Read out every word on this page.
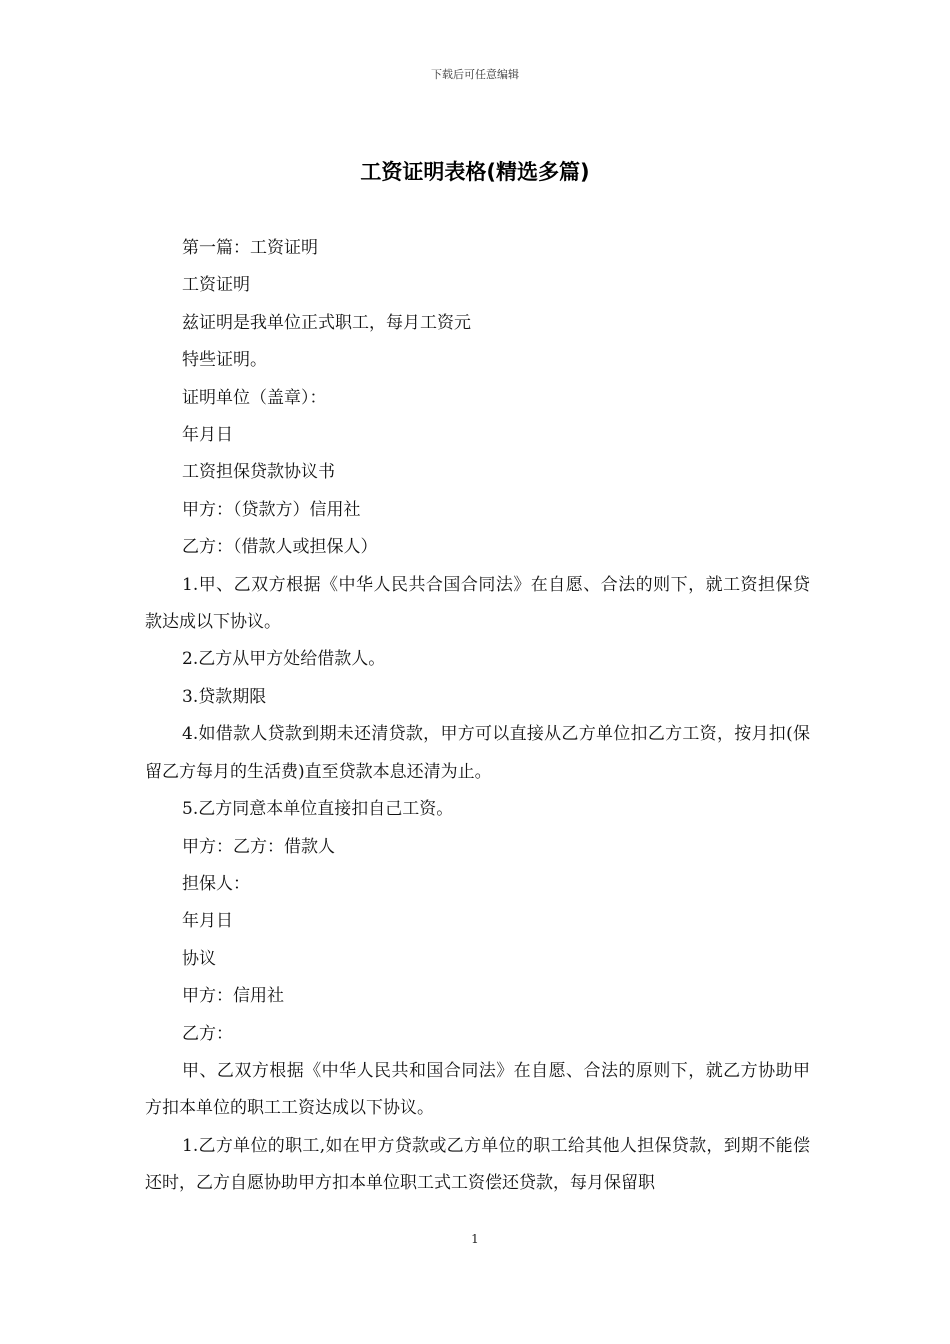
下载后可任意编辑
工资证明表格(精选多篇)

第一篇：工资证明

工资证明

兹证明是我单位正式职工，每月工资元

特些证明。

证明单位（盖章）：

年月日

工资担保贷款协议书

甲方：（贷款方）信用社

乙方：（借款人或担保人）

1.甲、乙双方根据《中华人民共合国合同法》在自愿、合法的则下，就工资担保贷款达成以下协议。

2.乙方从甲方处给借款人。

3.贷款期限

4.如借款人贷款到期未还清贷款，甲方可以直接从乙方单位扣乙方工资，按月扣(保留乙方每月的生活费)直至贷款本息还清为止。

5.乙方同意本单位直接扣自己工资。

甲方：乙方：借款人

担保人：

年月日

协议

甲方：信用社

乙方：

甲、乙双方根据《中华人民共和国合同法》在自愿、合法的原则下，就乙方协助甲方扣本单位的职工工资达成以下协议。

1.乙方单位的职工,如在甲方贷款或乙方单位的职工给其他人担保贷款，到期不能偿还时，乙方自愿协助甲方扣本单位职工式工资偿还贷款，每月保留职

1
